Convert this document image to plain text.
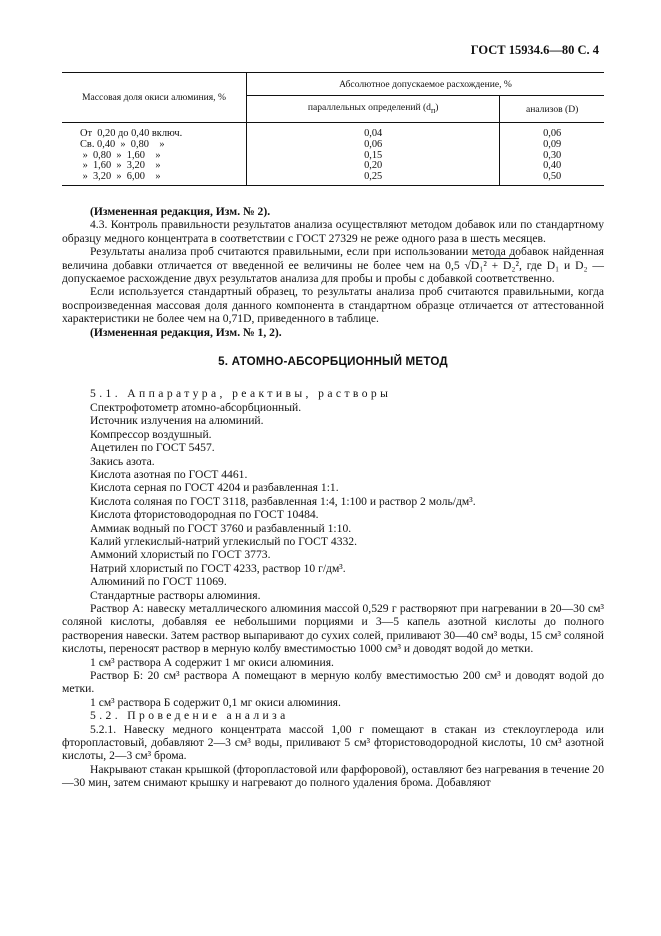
ГОСТ 15934.6—80 С. 4
Массовая доля окиси алюминия, %	Абсолютное допускаемое расхождение, %	
	параллельных определений $(d_п)$	анализов (D)
От  0,20 до 0,40 включ.	0,04	0,06
Св. 0,40  »  0,80    »	0,06	0,09
»  0,80  »  1,60    »	0,15	0,30
»  1,60  »  3,20    »	0,20	0,40
»  3,20  »  6,00    »	0,25	0,50

(Измененная редакция, Изм. № 2).

4.3. Контроль правильности результатов анализа осуществляют методом добавок или по стандартному образцу медного концентрата в соответствии с ГОСТ 27329 не реже одного раза в шесть месяцев.

Результаты анализа проб считаются правильными, если при использовании метода добавок найденная величина добавки отличается от введенной ее величины не более чем на 0,5 √D₁² + D₂², где D₁ и D₂ — допускаемое расхождение двух результатов анализа для пробы и пробы с добавкой соответственно.

Если используется стандартный образец, то результаты анализа проб считаются правильными, когда воспроизведенная массовая доля данного компонента в стандартном образце отличается от аттестованной характеристики не более чем на 0,71D, приведенного в таблице.

(Измененная редакция, Изм. № 1, 2).

5. АТОМНО-АБСОРБЦИОННЫЙ МЕТОД

5.1. Аппаратура, реактивы, растворы

Спектрофотометр атомно-абсорбционный.

Источник излучения на алюминий.

Компрессор воздушный.

Ацетилен по ГОСТ 5457.

Закись азота.

Кислота азотная по ГОСТ 4461.

Кислота серная по ГОСТ 4204 и разбавленная 1:1.

Кислота соляная по ГОСТ 3118, разбавленная 1:4, 1:100 и раствор 2 моль/дм³.

Кислота фтористоводородная по ГОСТ 10484.

Аммиак водный по ГОСТ 3760 и разбавленный 1:10.

Калий углекислый-натрий углекислый по ГОСТ 4332.

Аммоний хлористый по ГОСТ 3773.

Натрий хлористый по ГОСТ 4233, раствор 10 г/дм³.

Алюминий по ГОСТ 11069.

Стандартные растворы алюминия.

Раствор А: навеску металлического алюминия массой 0,529 г растворяют при нагревании в 20—30 см³ соляной кислоты, добавляя ее небольшими порциями и 3—5 капель азотной кислоты до полного растворения навески. Затем раствор выпаривают до сухих солей, приливают 30—40 см³ воды, 15 см³ соляной кислоты, переносят раствор в мерную колбу вместимостью 1000 см³ и доводят водой до метки.

1 см³ раствора А содержит 1 мг окиси алюминия.

Раствор Б: 20 см³ раствора А помещают в мерную колбу вместимостью 200 см³ и доводят водой до метки.

1 см³ раствора Б содержит 0,1 мг окиси алюминия.

5.2. Проведение анализа

5.2.1. Навеску медного концентрата массой 1,00 г помещают в стакан из стеклоуглерода или фторопластовый, добавляют 2—3 см³ воды, приливают 5 см³ фтористоводородной кислоты, 10 см³ азотной кислоты, 2—3 см³ брома.

Накрывают стакан крышкой (фторопластовой или фарфоровой), оставляют без нагревания в течение 20—30 мин, затем снимают крышку и нагревают до полного удаления брома. Добавляют
